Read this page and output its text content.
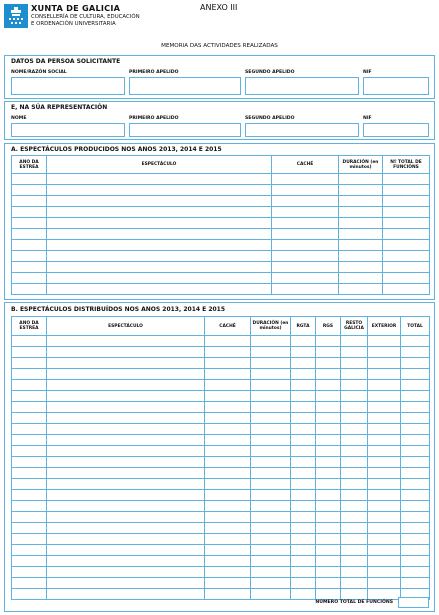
XUNTA DE GALICIA
CONSELLERÍA DE CULTURA, EDUCACIÓN
E ORDENACIÓN UNIVERSITARIA
ANEXO III
MEMORIA DAS ACTIVIDADES REALIZADAS
DATOS DA PERSOA SOLICITANTE
NOME/RAZÓN SOCIAL	PRIMEIRO APELIDO	SEGUNDO APELIDO	NIF
E, NA SÚA REPRESENTACIÓN
NOME	PRIMEIRO APELIDO	SEGUNDO APELIDO	NIF
A. ESPECTÁCULOS PRODUCIDOS NOS ANOS 2013, 2014 E 2015
ANO DA ESTREA	ESPECTÁCULO	CACHÉ	DURACIÓN (en minutos)	Nº TOTAL DE FUNCIÓNS

B. ESPECTÁCULOS DISTRIBUÍDOS NOS ANOS 2013, 2014 E 2015
ANO DA ESTREA	ESPECTÁCULO	CACHÉ	DURACIÓN (en minutos)	RGTA	RGS	RESTO GALICIA	EXTERIOR	TOTAL

NÚMERO TOTAL DE FUNCIÓNS
